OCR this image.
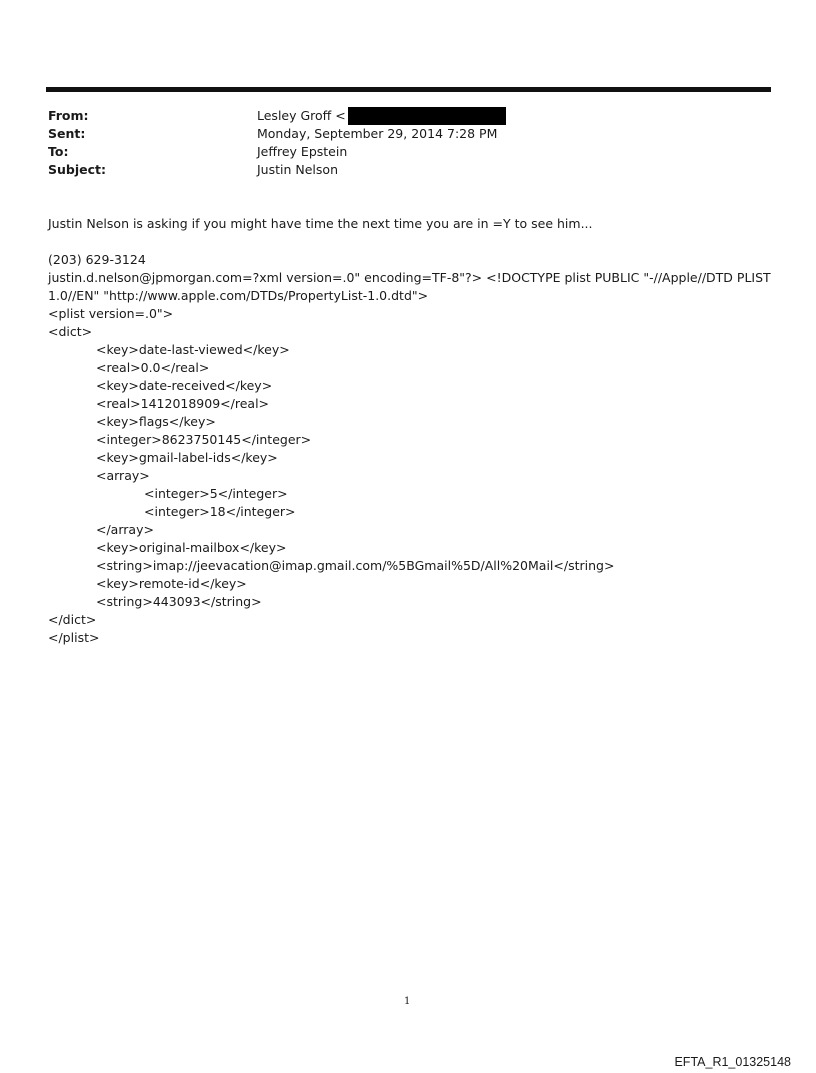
From:	Lesley Groff <
Sent:	Monday, September 29, 2014 7:28 PM
To:	Jeffrey Epstein
Subject:	Justin Nelson
Justin Nelson is asking if you might have time the next time you are in =Y to see him...
(203) 629-3124
justin.d.nelson@jpmorgan.com=?xml version=.0" encoding=TF-8"?> <!DOCTYPE plist PUBLIC "-//Apple//DTD PLIST
1.0//EN" "http://www.apple.com/DTDs/PropertyList-1.0.dtd">
<plist version=.0">
<dict>
<key>date-last-viewed</key>
<real>0.0</real>
<key>date-received</key>
<real>1412018909</real>
<key>flags</key>
<integer>8623750145</integer>
<key>gmail-label-ids</key>
<array>
<integer>5</integer>
<integer>18</integer>
</array>
<key>original-mailbox</key>
<string>imap://jeevacation@imap.gmail.com/%5BGmail%5D/All%20Mail</string>
<key>remote-id</key>
<string>443093</string>
</dict>
</plist>
1
EFTA_R1_01325148
